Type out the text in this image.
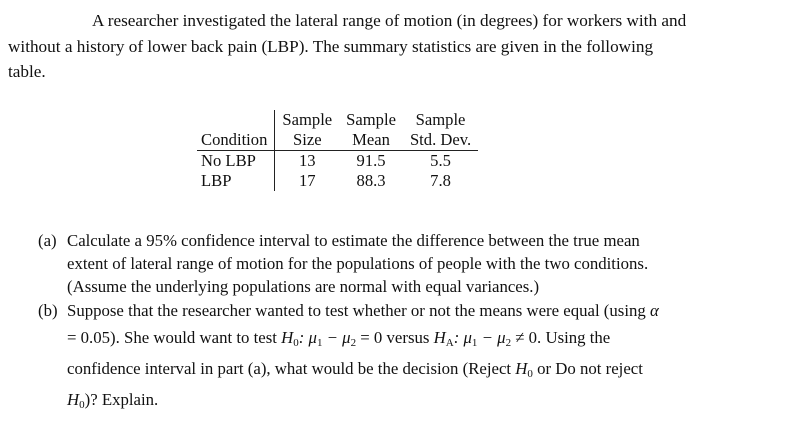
A researcher investigated the lateral range of motion (in degrees) for workers with and
without a history of lower back pain (LBP). The summary statistics are given in the following
table.
	Sample	Sample	Sample
Condition	Size	Mean	Std. Dev.
No LBP	13	91.5	5.5
LBP	17	88.3	7.8
(a) Calculate a 95% confidence interval to estimate the difference between the true mean
extent of lateral range of motion for the populations of people with the two conditions.
(Assume the underlying populations are normal with equal variances.)
(b) Suppose that the researcher wanted to test whether or not the means were equal (using α
= 0.05). She would want to test $H_0$: $\mu_1 - \mu_2 = 0$ versus $H_A$: $\mu_1 - \mu_2 \ne 0$. Using the
confidence interval in part (a), what would be the decision (Reject $H_0$ or Do not reject
$H_0$)? Explain.
